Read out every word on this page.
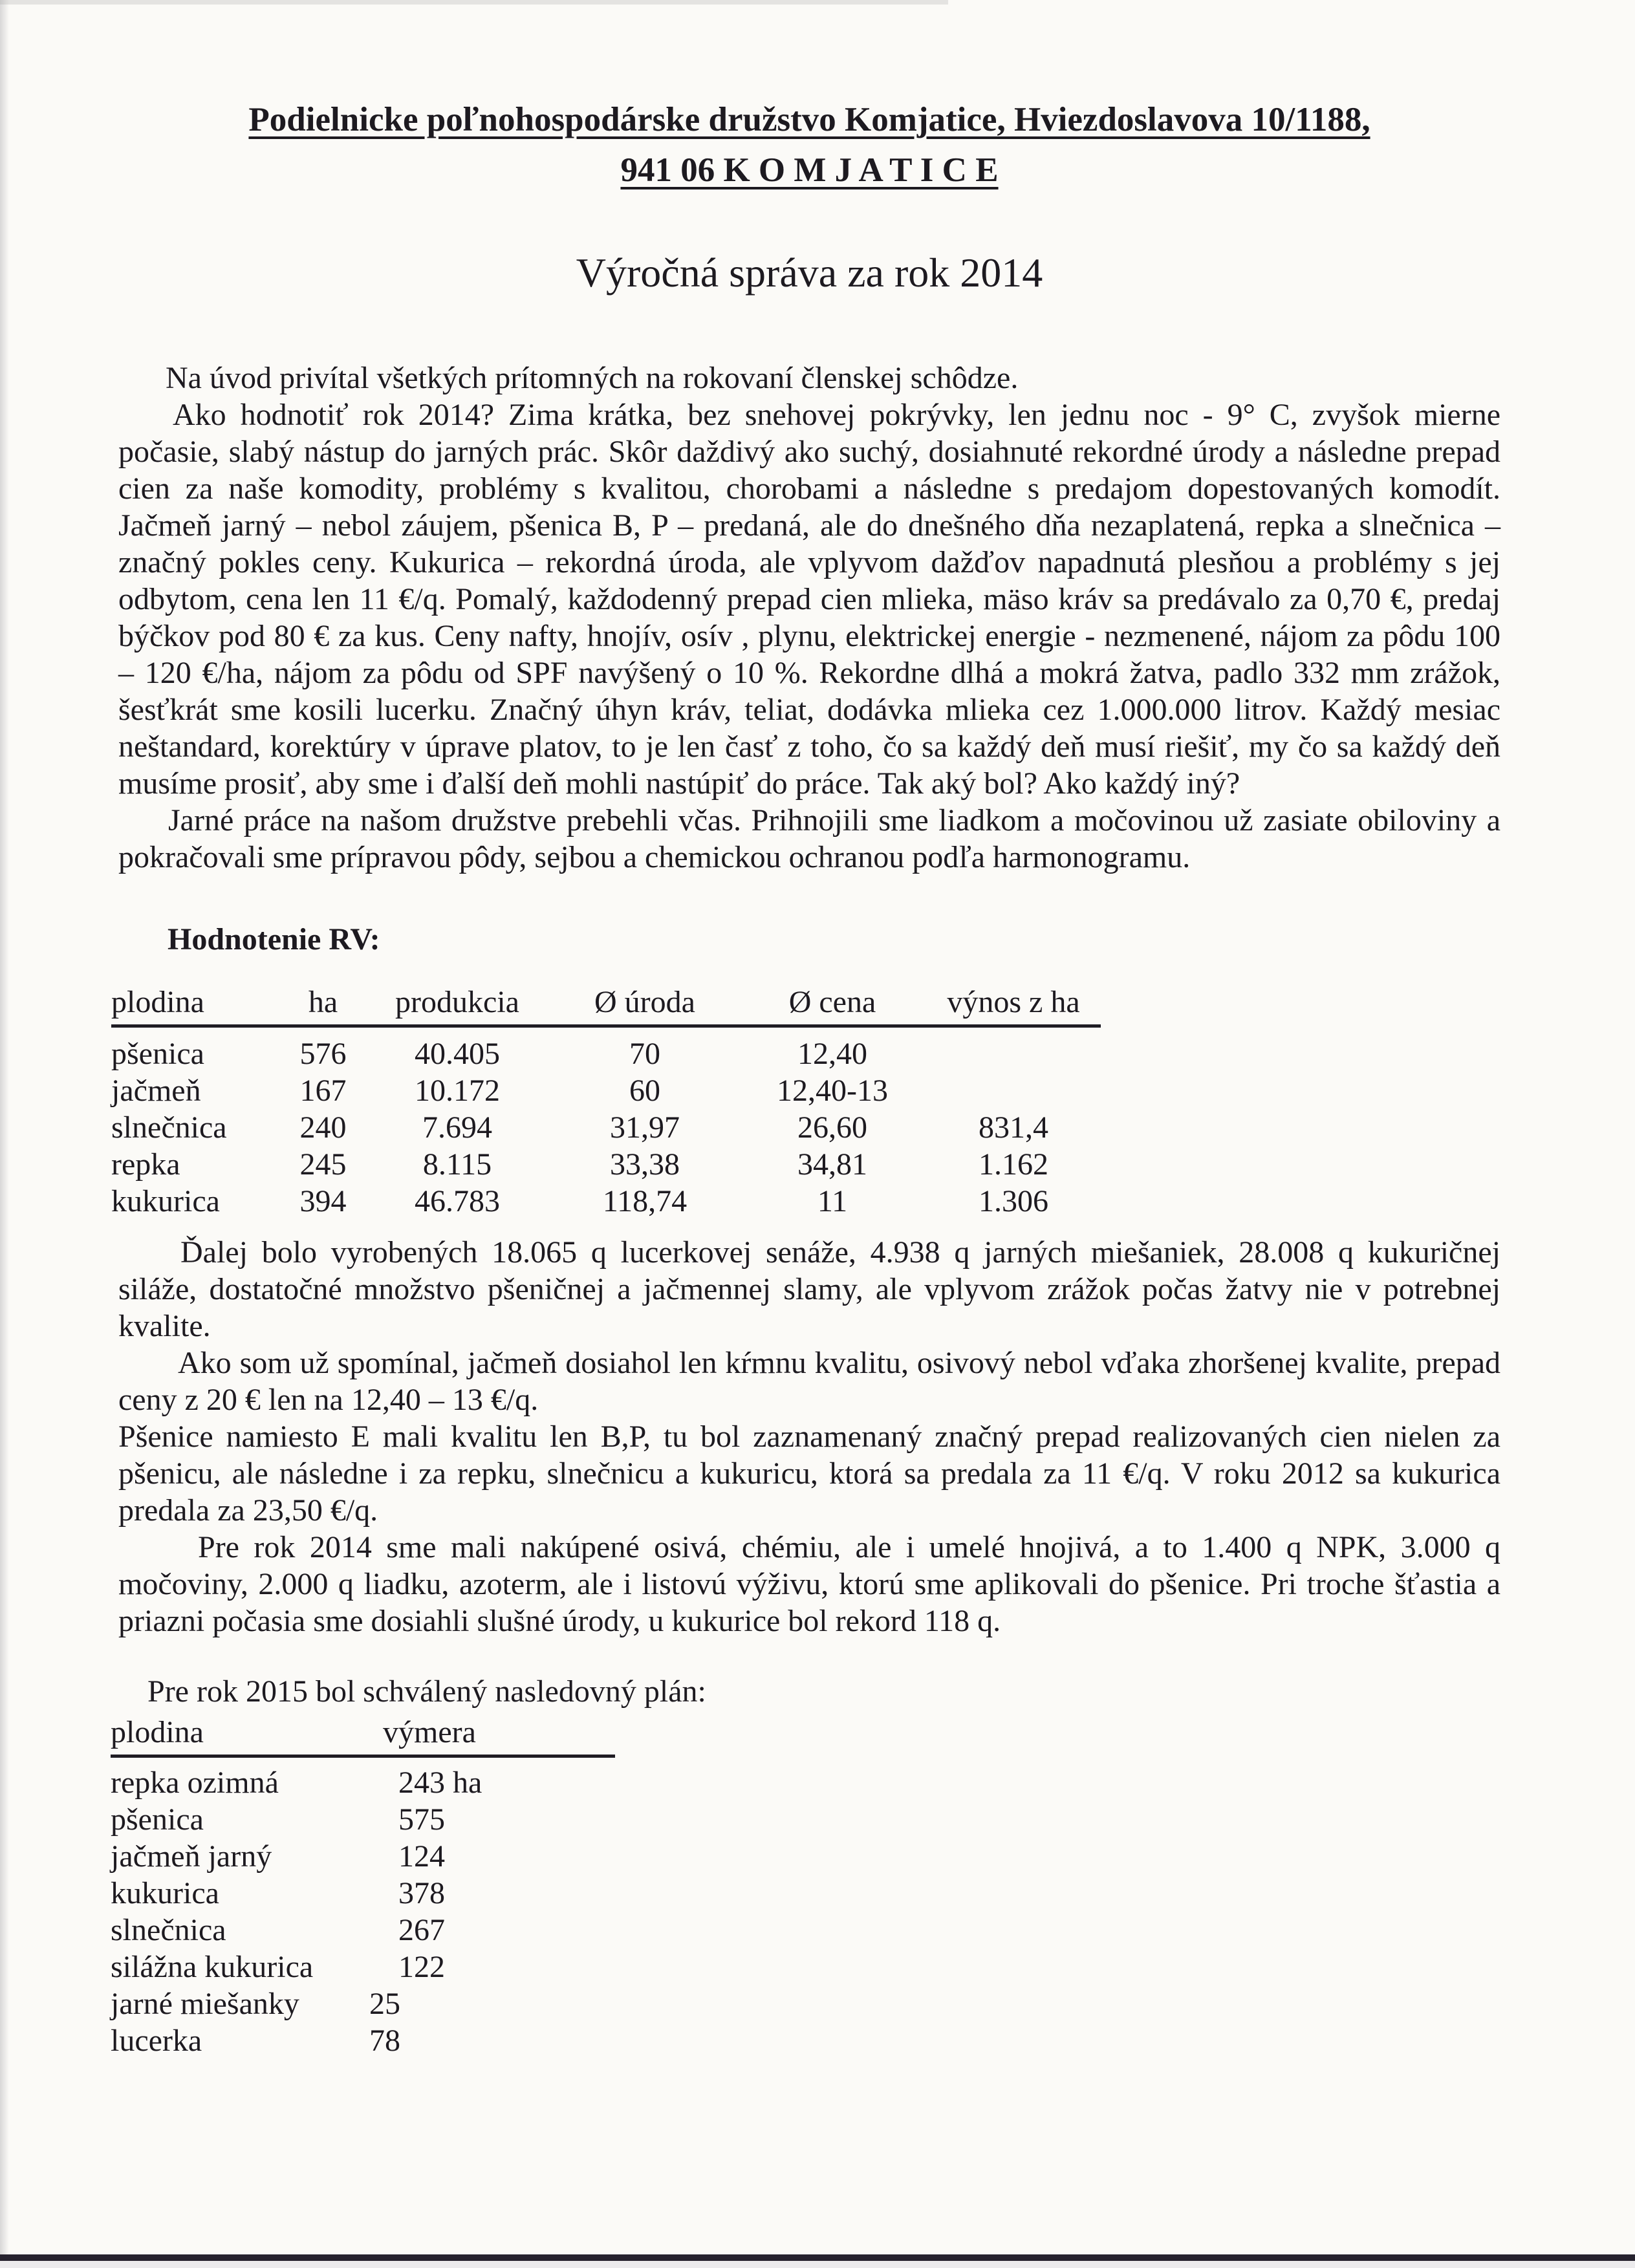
Podielnicke poľnohospodárske družstvo Komjatice, Hviezdoslavova 10/1188,
941 06 K O M J A T I C E
Výročná správa za rok 2014

Na úvod privítal všetkých prítomných na rokovaní členskej schôdze.

Ako hodnotiť rok 2014? Zima krátka, bez snehovej pokrývky, len jednu noc - 9° C, zvyšok mierne počasie, slabý nástup do jarných prác. Skôr daždivý ako suchý, dosiahnuté rekordné úrody a následne prepad cien za naše komodity, problémy s kvalitou, chorobami a následne s predajom dopestovaných komodít. Jačmeň jarný – nebol záujem, pšenica B, P – predaná, ale do dnešného dňa nezaplatená, repka a slnečnica – značný pokles ceny. Kukurica – rekordná úroda, ale vplyvom dažďov napadnutá plesňou a problémy s jej odbytom, cena len 11 €/q. Pomalý, každodenný prepad cien mlieka, mäso kráv sa predávalo za 0,70 €, predaj býčkov pod 80 € za kus. Ceny nafty, hnojív, osív , plynu, elektrickej energie - nezmenené, nájom za pôdu 100 – 120 €/ha, nájom za pôdu od SPF navýšený o 10 %. Rekordne dlhá a mokrá žatva, padlo 332 mm zrážok, šesťkrát sme kosili lucerku. Značný úhyn kráv, teliat, dodávka mlieka cez 1.000.000 litrov. Každý mesiac neštandard, korektúry v úprave platov, to je len časť z toho, čo sa každý deň musí riešiť, my čo sa každý deň musíme prosiť, aby sme i ďalší deň mohli nastúpiť do práce. Tak aký bol? Ako každý iný?

Jarné práce na našom družstve prebehli včas. Prihnojili sme liadkom a močovinou už zasiate obiloviny a pokračovali sme prípravou pôdy, sejbou a chemickou ochranou podľa harmonogramu.

Hodnotenie RV:
plodina	ha	produkcia	Ø úroda	Ø cena	výnos z ha
pšenica	576	40.405	70	12,40	
jačmeň	167	10.172	60	12,40-13	
slnečnica	240	7.694	31,97	26,60	831,4
repka	245	8.115	33,38	34,81	1.162
kukurica	394	46.783	118,74	11	1.306

Ďalej bolo vyrobených 18.065 q lucerkovej senáže, 4.938 q jarných miešaniek, 28.008 q kukuričnej siláže, dostatočné množstvo pšeničnej a jačmennej slamy, ale vplyvom zrážok počas žatvy nie v potrebnej kvalite.

Ako som už spomínal, jačmeň dosiahol len kŕmnu kvalitu, osivový nebol vďaka zhoršenej kvalite, prepad ceny z 20 € len na 12,40 – 13 €/q.

Pšenice namiesto E mali kvalitu len B,P, tu bol zaznamenaný značný prepad realizovaných cien nielen za pšenicu, ale následne i za repku, slnečnicu a kukuricu, ktorá sa predala za 11 €/q. V roku 2012 sa kukurica predala za 23,50 €/q.

Pre rok 2014 sme mali nakúpené osivá, chémiu, ale i umelé hnojivá, a to 1.400 q NPK, 3.000 q močoviny, 2.000 q liadku, azoterm, ale i listovú výživu, ktorú sme aplikovali do pšenice. Pri troche šťastia a priazni počasia sme dosiahli slušné úrody, u kukurice bol rekord 118 q.

Pre rok 2015 bol schválený nasledovný plán:
plodina	výmera
repka ozimná	243 ha
pšenica	575
jačmeň jarný	124
kukurica	378
slnečnica	267
silážna kukurica	122
jarné miešanky	25
lucerka	78
